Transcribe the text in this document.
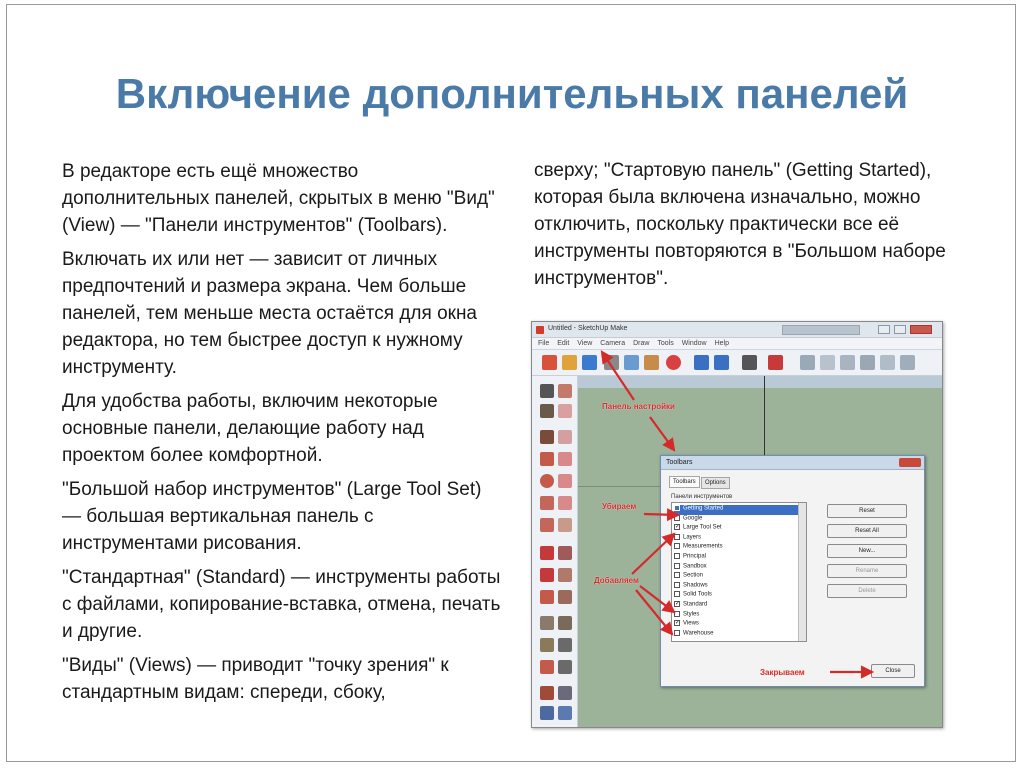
Включение дополнительных панелей

В редакторе есть ещё множество дополнительных панелей, скрытых в меню "Вид" (View) — "Панели инструментов" (Toolbars).

Включать их или нет — зависит от личных предпочтений и размера экрана. Чем больше панелей, тем меньше места остаётся для окна редактора, но тем быстрее доступ к нужному инструменту.

Для удобства работы, включим некоторые основные панели, делающие работу над проектом более комфортной.

"Большой набор инструментов" (Large Tool Set) — большая вертикальная панель с инструментами рисования.

"Стандартная" (Standard) — инструменты работы с файлами, копирование-вставка, отмена, печать и другие.

"Виды" (Views) — приводит "точку зрения" к стандартным видам: спереди, сбоку,

сверху; "Стартовую панель" (Getting Started), которая была включена изначально, можно отключить, поскольку практически все её инструменты повторяются в "Большом наборе инструментов".

Untitled - SketchUp Make
File Edit View Camera Draw Tools Window Help
Toolbars
Toolbars	Options
Панели инструментов
Getting Started
Google
✓ Large Tool Set
Layers
Measurements
Principal
Sandbox
Section
Shadows
Solid Tools
✓ Standard
Styles
✓ Views
Warehouse
Reset
Reset All
New...
Rename
Delete
Close
Панель настройки
Убираем
Добавляем
Закрываем
